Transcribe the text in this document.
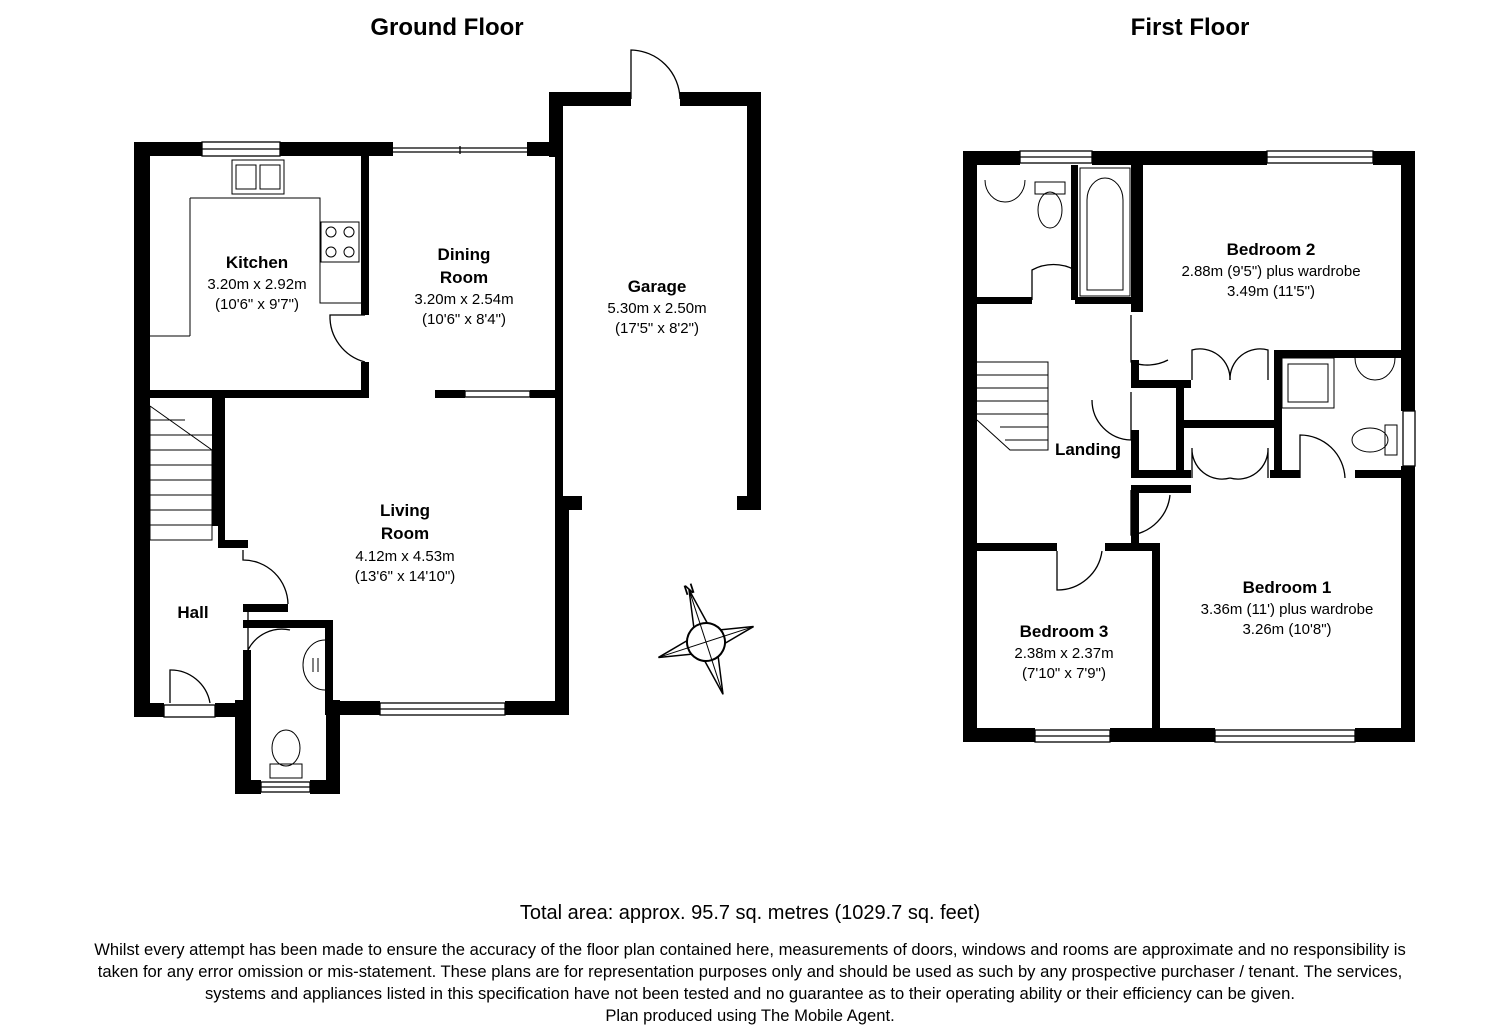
Ground Floor	First Floor
Kitchen
3.20m x 2.92m
(10'6" x 9'7")
Dining
Room
3.20m x 2.54m
(10'6" x 8'4")
Garage
5.30m x 2.50m
(17'5" x 8'2")
Living
Room
4.12m x 4.53m
(13'6" x 14'10")
Hall
Bedroom 2
2.88m (9'5") plus wardrobe
3.49m (11'5")
Landing
Bedroom 1
3.36m (11') plus wardrobe
3.26m (10'8")
Bedroom 3
2.38m x 2.37m
(7'10" x 7'9")
N
Total area: approx. 95.7 sq. metres (1029.7 sq. feet)
Whilst every attempt has been made to ensure the accuracy of the floor plan contained here, measurements of doors, windows and rooms are approximate and no responsibility is
taken for any error omission or mis-statement. These plans are for representation purposes only and should be used as such by any prospective purchaser / tenant. The services,
systems and appliances listed in this specification have not been tested and no guarantee as to their operating ability or their efficiency can be given.
Plan produced using The Mobile Agent.
